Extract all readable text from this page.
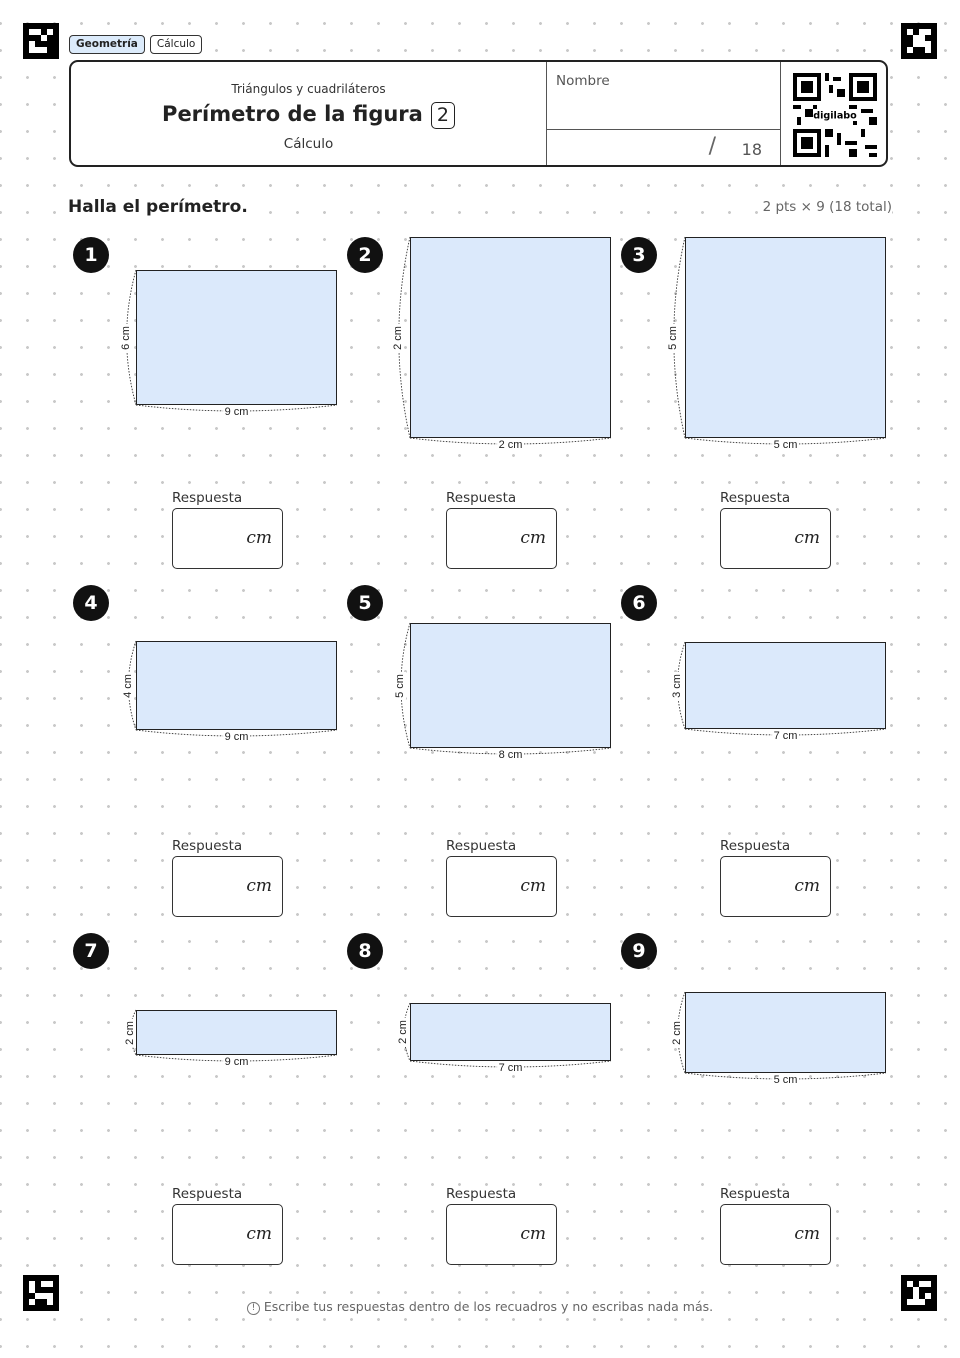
Geometría	Cálculo
Triángulos y cuadriláteros
Perímetro de la figura 2
Cálculo
Nombre
/ 18
digilabo
Halla el perímetro.	2 pts × 9 (18 total)
1
6 cm
9 cm
Respuesta
cm
2
2 cm
2 cm
Respuesta
cm
3
5 cm
5 cm
Respuesta
cm
4
4 cm
9 cm
Respuesta
cm
5
5 cm
8 cm
Respuesta
cm
6
3 cm
7 cm
Respuesta
cm
7
2 cm
9 cm
Respuesta
cm
8
2 cm
7 cm
Respuesta
cm
9
2 cm
5 cm
Respuesta
cm
! Escribe tus respuestas dentro de los recuadros y no escribas nada más.
